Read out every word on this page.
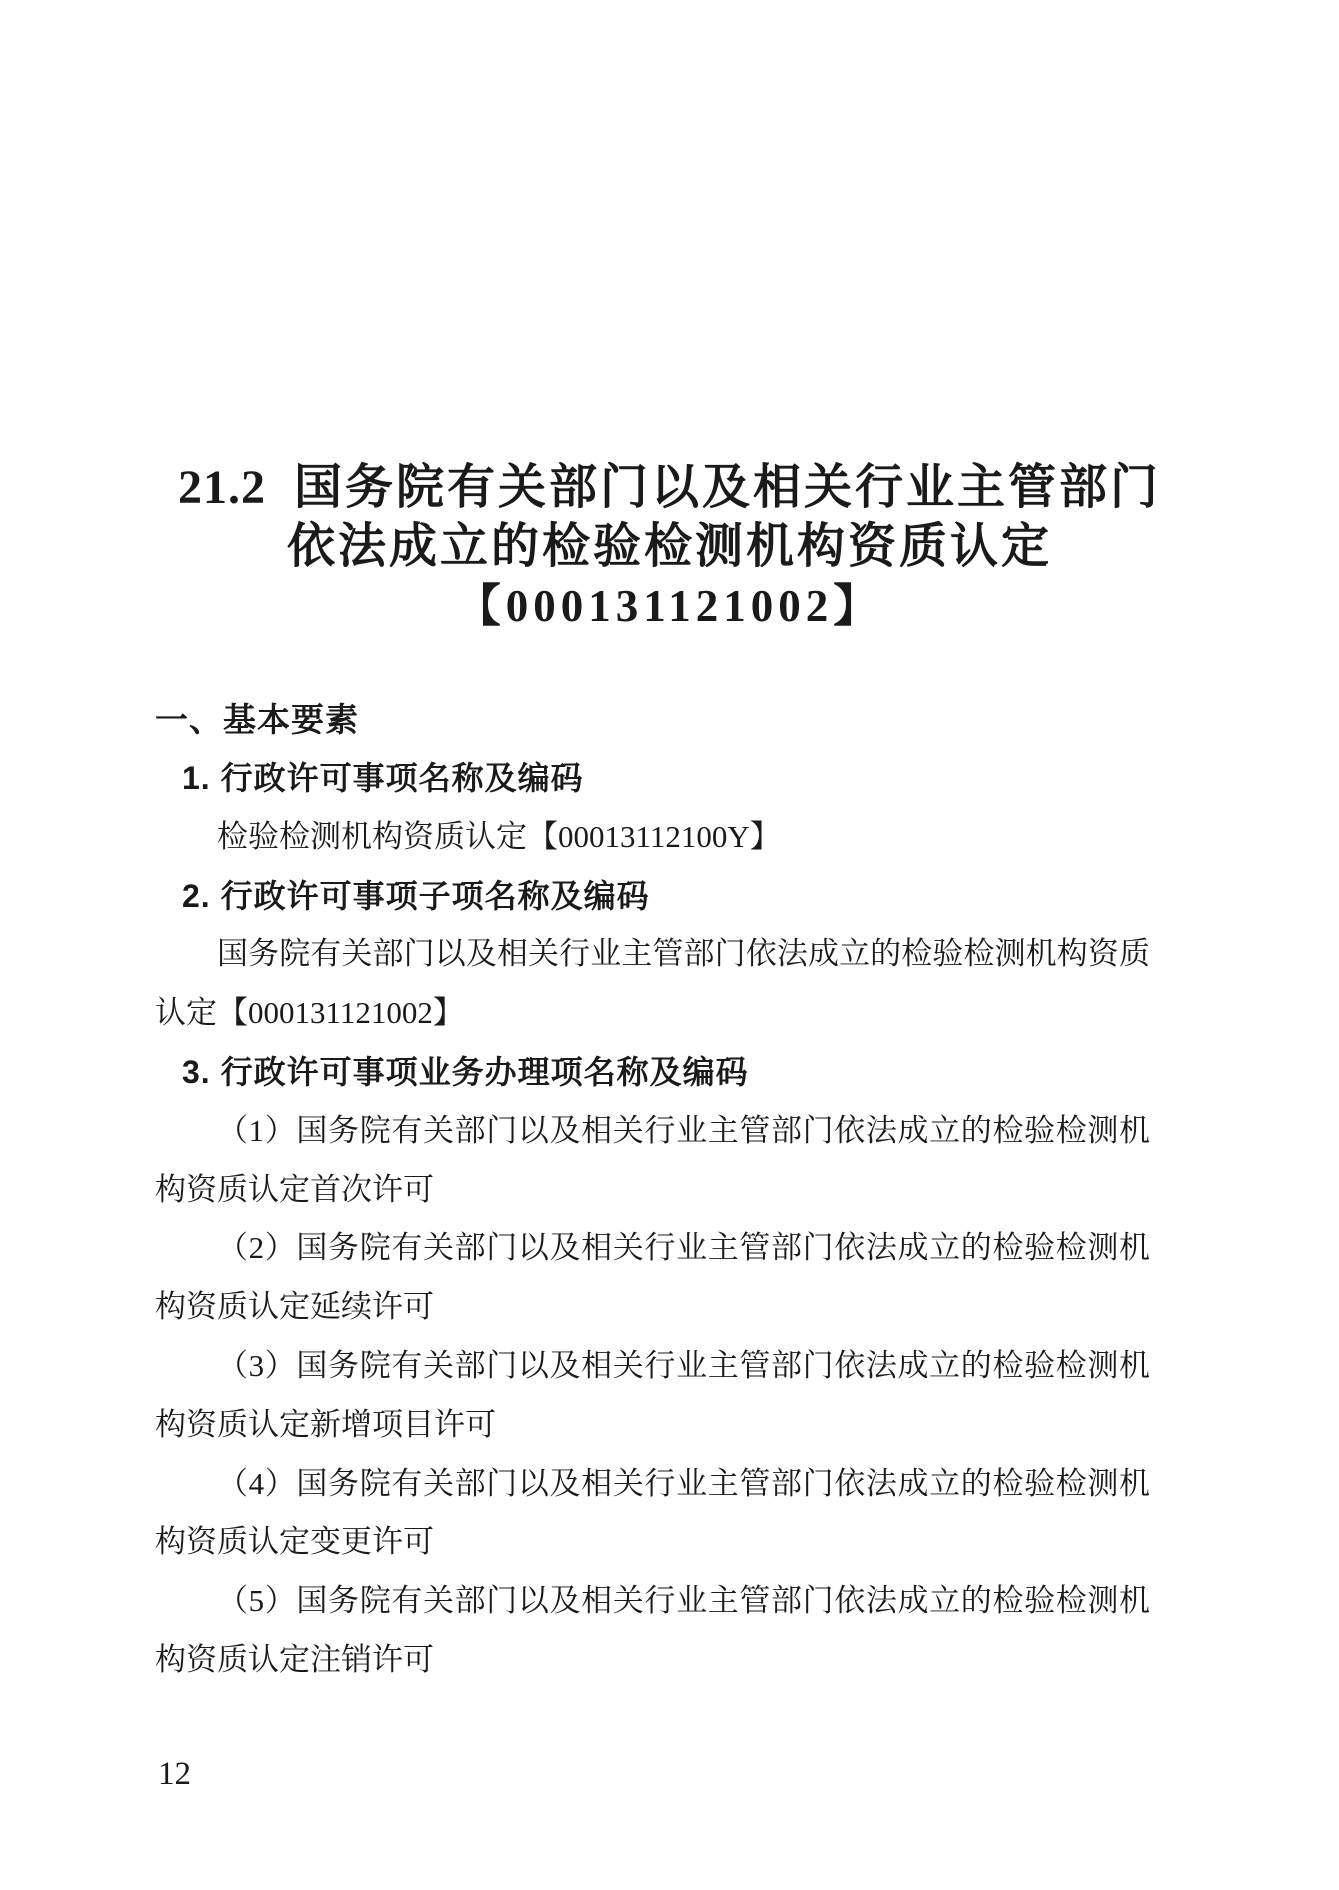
21.2 国务院有关部门以及相关行业主管部门
依法成立的检验检测机构资质认定
【000131121002】
一、基本要素
1. 行政许可事项名称及编码
检验检测机构资质认定【00013112100Y】
2. 行政许可事项子项名称及编码
国务院有关部门以及相关行业主管部门依法成立的检验检测机构资质
认定【000131121002】
3. 行政许可事项业务办理项名称及编码
（1）国务院有关部门以及相关行业主管部门依法成立的检验检测机
构资质认定首次许可
（2）国务院有关部门以及相关行业主管部门依法成立的检验检测机
构资质认定延续许可
（3）国务院有关部门以及相关行业主管部门依法成立的检验检测机
构资质认定新增项目许可
（4）国务院有关部门以及相关行业主管部门依法成立的检验检测机
构资质认定变更许可
（5）国务院有关部门以及相关行业主管部门依法成立的检验检测机
构资质认定注销许可
12
